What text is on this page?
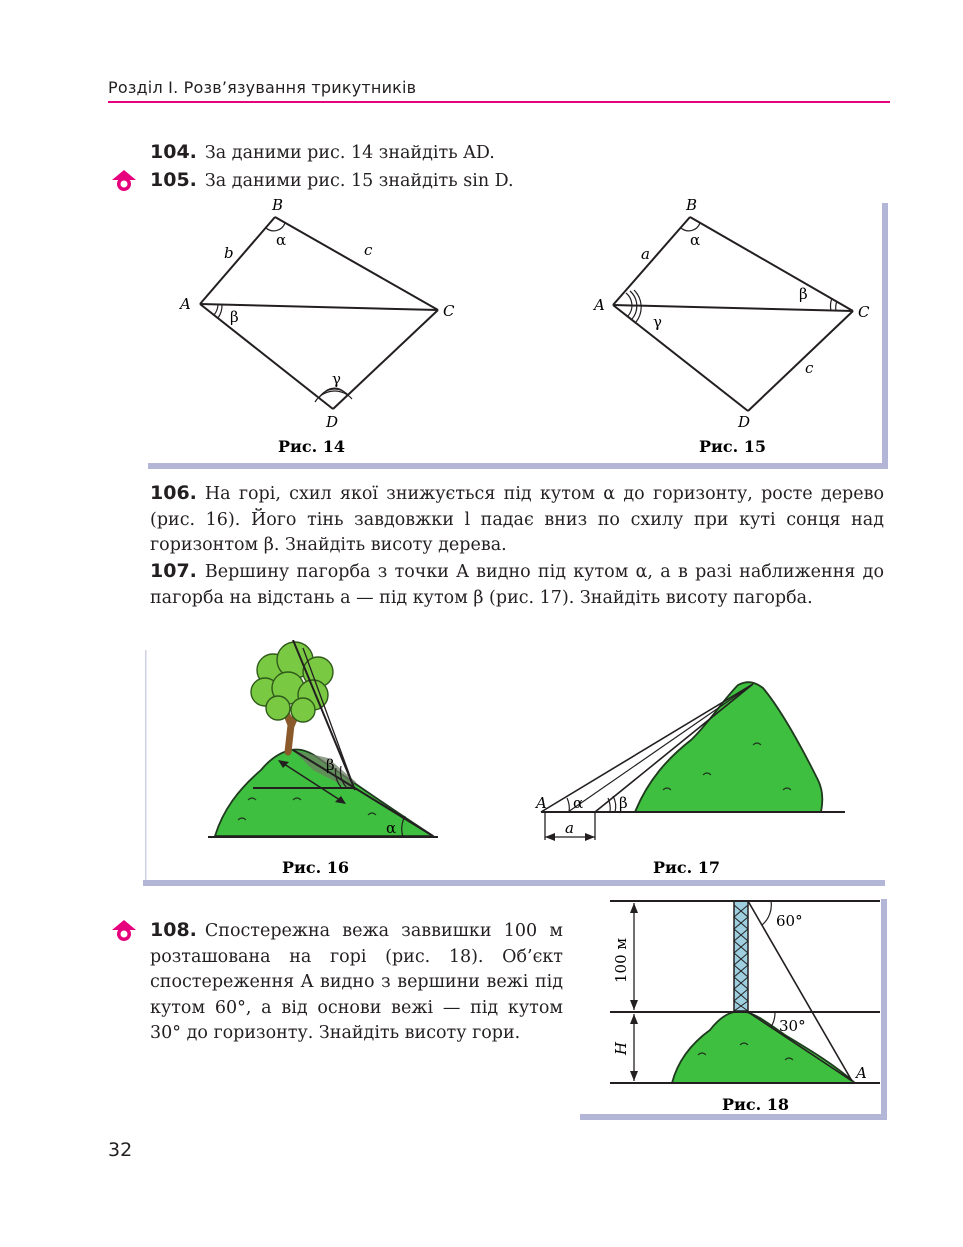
Розділ І. Розв’язування трикутників
104. За даними рис. 14 знайдіть AD.
105. За даними рис. 15 знайдіть sin D.
B
A	C
D
b	c
α
β
γ
Рис. 14
B
A	C
D
a
c
α
β
γ
Рис. 15
106. На горі, схил якої знижується під кутом α до горизонту, росте дерево (рис. 16). Його тінь завдовжки l падає вниз по схилу при куті сонця над горизонтом β. Знайдіть висоту дерева.
107. Вершину пагорба з точки A видно під кутом α, а в разі наближення до пагорба на відстань a — під кутом β (рис. 17). Знайдіть висоту пагорба.
β
α
Рис. 16
A α β
a
Рис. 17
108. Спостережна вежа заввишки 100 м розташована на горі (рис. 18). Об’єкт спостереження A видно з вершини вежі під кутом 60°, а від основи вежі — під кутом 30° до горизонту. Знайдіть висоту гори.
60°
30°
A
100 м
H
Рис. 18
32
